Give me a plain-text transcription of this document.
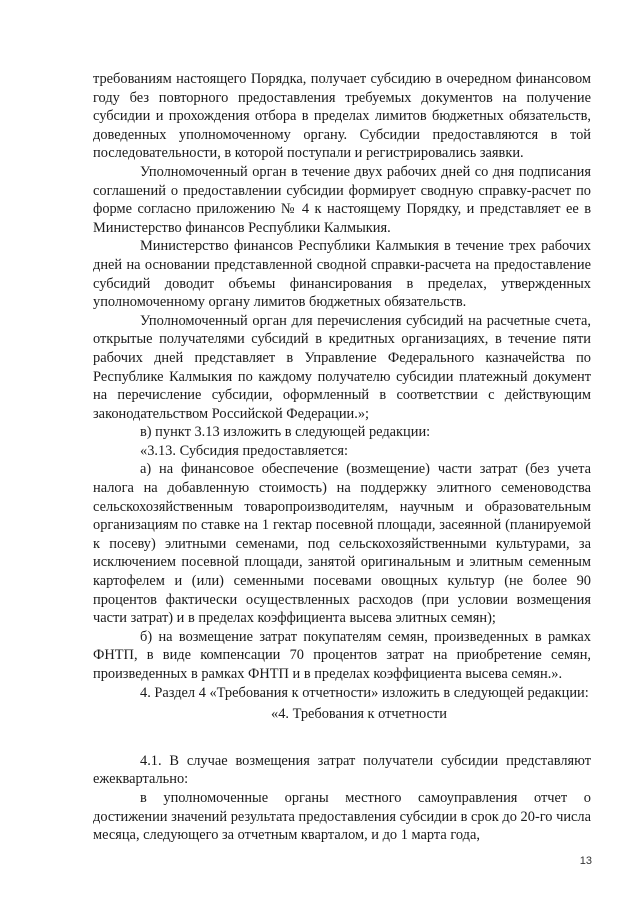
требованиям настоящего Порядка, получает субсидию в очередном финансовом году без повторного предоставления требуемых документов на получение субсидии и прохождения отбора в пределах лимитов бюджетных обязательств, доведенных уполномоченному органу. Субсидии предоставляются в той последовательности, в которой поступали и регистрировались заявки.

Уполномоченный орган в течение двух рабочих дней со дня подписания соглашений о предоставлении субсидии формирует сводную справку-расчет по форме согласно приложению № 4 к настоящему Порядку, и представляет ее в Министерство финансов Республики Калмыкия.

Министерство финансов Республики Калмыкия в течение трех рабочих дней на основании представленной сводной справки-расчета на предоставление субсидий доводит объемы финансирования в пределах, утвержденных уполномоченному органу лимитов бюджетных обязательств.

Уполномоченный орган для перечисления субсидий на расчетные счета, открытые получателями субсидий в кредитных организациях, в течение пяти рабочих дней представляет в Управление Федерального казначейства по Республике Калмыкия по каждому получателю субсидии платежный документ на перечисление субсидии, оформленный в соответствии с действующим законодательством Российской Федерации.»;

в) пункт 3.13 изложить в следующей редакции:

«3.13. Субсидия предоставляется:

а) на финансовое обеспечение (возмещение) части затрат (без учета налога на добавленную стоимость) на поддержку элитного семеноводства сельскохозяйственным товаропроизводителям, научным и образовательным организациям по ставке на 1 гектар посевной площади, засеянной (планируемой к посеву) элитными семенами, под сельскохозяйственными культурами, за исключением посевной площади, занятой оригинальным и элитным семенным картофелем и (или) семенными посевами овощных культур (не более 90 процентов фактически осуществленных расходов (при условии возмещения части затрат) и в пределах коэффициента высева элитных семян);

б) на возмещение затрат покупателям семян, произведенных в рамках ФНТП, в виде компенсации 70 процентов затрат на приобретение семян, произведенных в рамках ФНТП и в пределах коэффициента высева семян.».

4. Раздел 4 «Требования к отчетности» изложить в следующей редакции:

«4. Требования к отчетности

4.1. В случае возмещения затрат получатели субсидии представляют ежеквартально:

в уполномоченные органы местного самоуправления отчет о достижении значений результата предоставления субсидии в срок до 20-го числа месяца, следующего за отчетным кварталом, и до 1 марта года,

13
